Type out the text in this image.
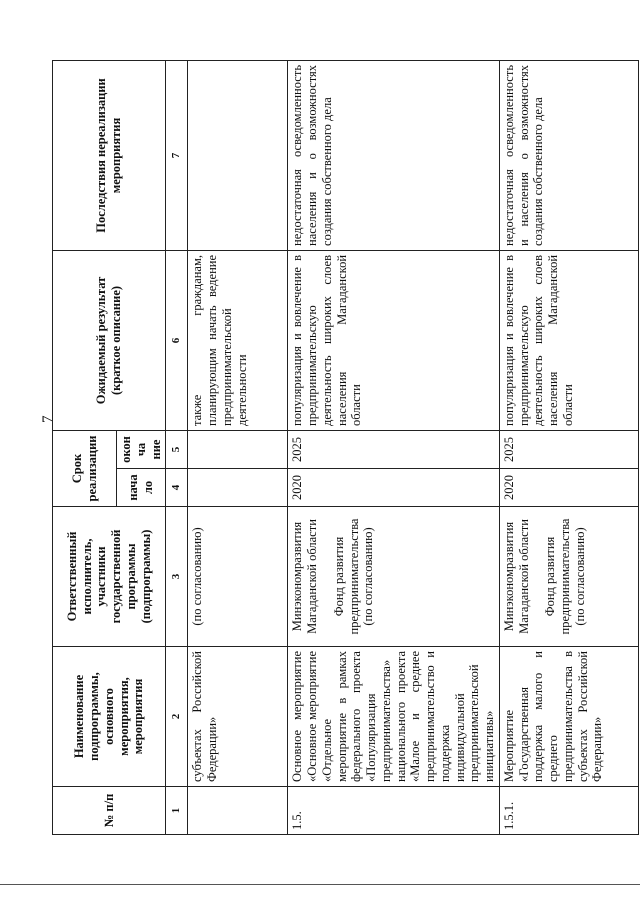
7
№ п/п	Наименование подпрограммы, основного мероприятия, мероприятия	Ответственный исполнитель, участники государственной программы (подпрограммы)	Срок реализации		Ожидаемый результат (краткое описание)	Последствия нереализации мероприятия
			начало	оконча ние		
1	2	3	4	5	6	7
	субъектах Российской Федерации»	(по согласованию)			также гражданам, планирующим начать ведение предпринимательской деятельности	
1.5.	Основное мероприятие «Основное мероприятие «Отдельное мероприятие в рамках федерального проекта «Популяризация предпринимательства» национального проекта «Малое и среднее предпринимательство и поддержка индивидуальной предпринимательской инициативы»	Минэкономразвития Магаданской области Фонд развития предпринимательства (по согласованию)	2020	2025	популяризация и вовлечение в предпринимательскую деятельность широких слоев населения Магаданской области	недостаточная осведомленность населения и о возможностях создания собственного дела
1.5.1.	Мероприятие «Государственная поддержка малого и среднего предпринимательства в субъектах Российской Федерации»	Минэкономразвития Магаданской области Фонд развития предпринимательства (по согласованию)	2020	2025	популяризация и вовлечение в предпринимательскую деятельность широких слоев населения Магаданской области	недостаточная осведомленность и населения о возможностях создания собственного дела
